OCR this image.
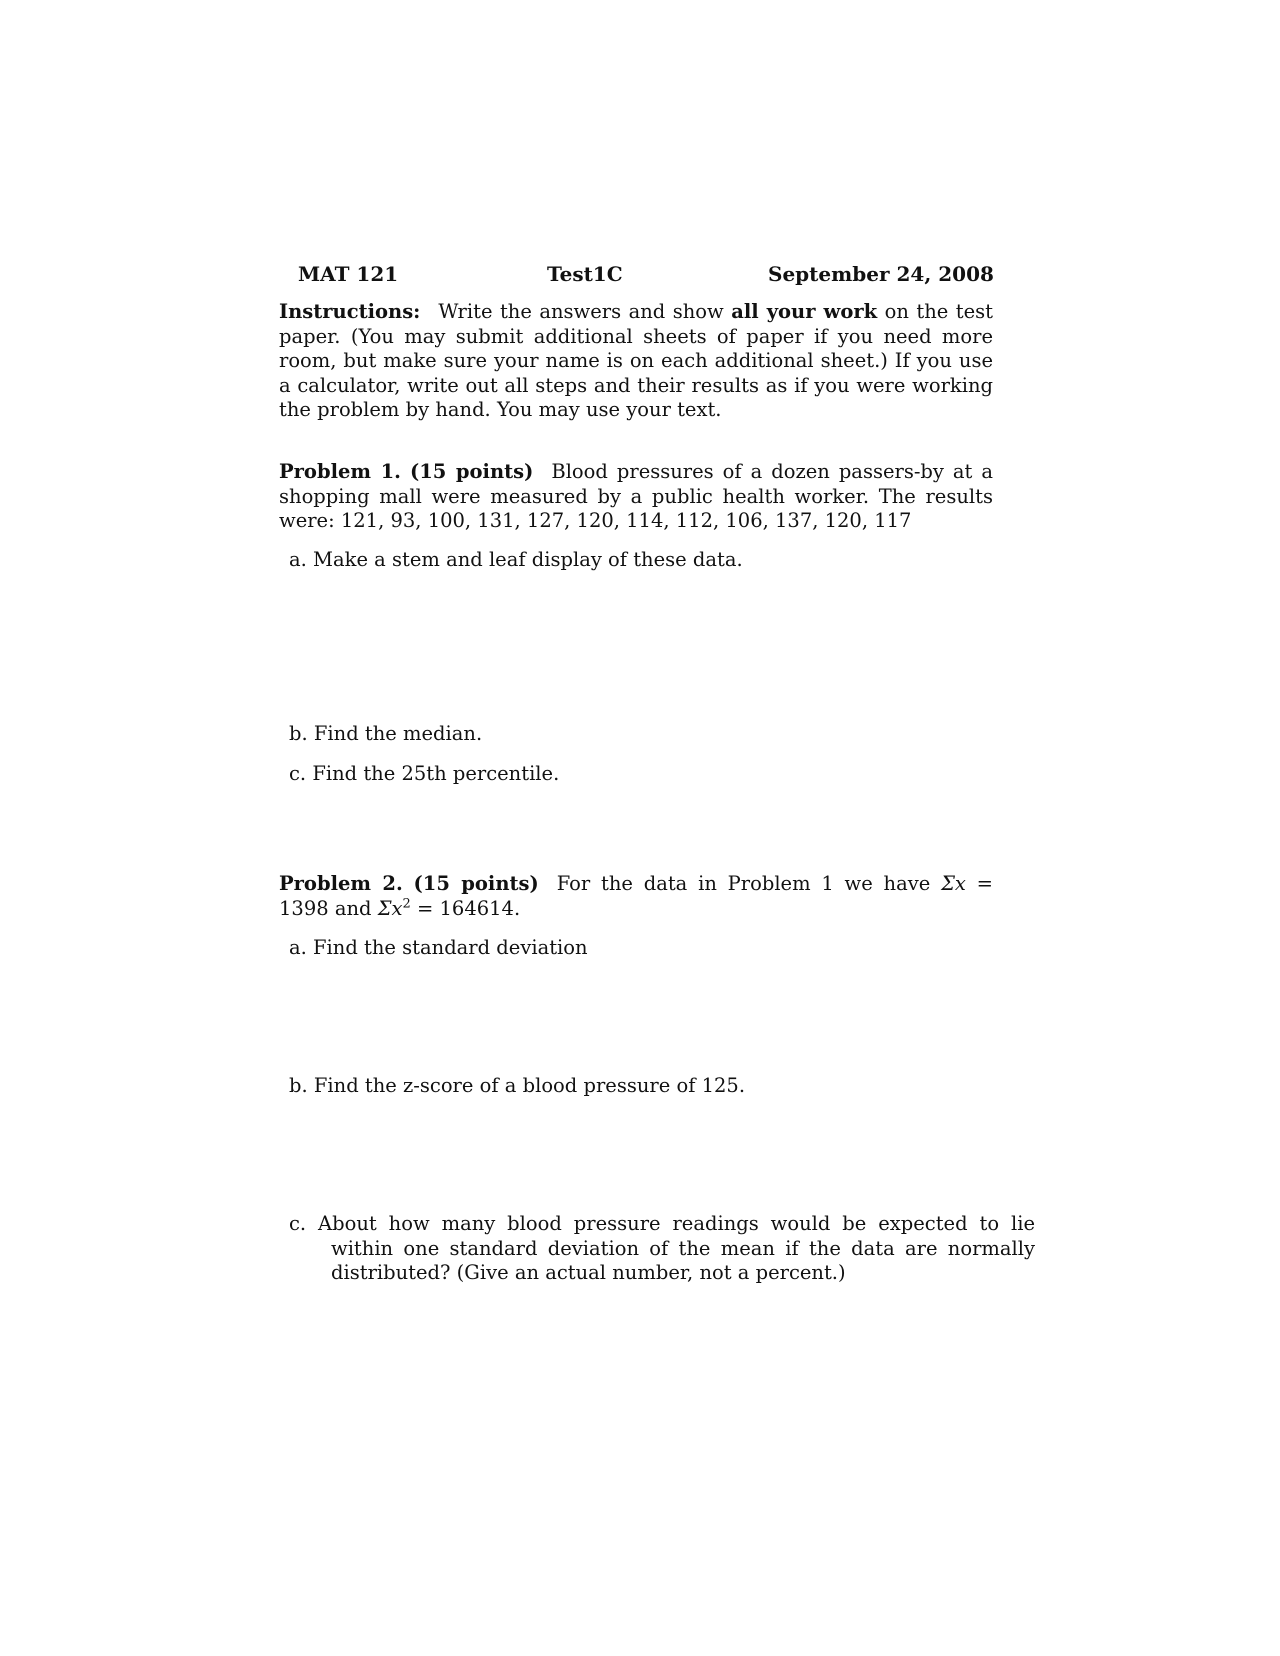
MAT 121	Test1C	September 24, 2008
Instructions: Write the answers and show all your work on the test paper. (You may submit additional sheets of paper if you need more room, but make sure your name is on each additional sheet.) If you use a calculator, write out all steps and their results as if you were working the problem by hand. You may use your text.
Problem 1. (15 points) Blood pressures of a dozen passers-by at a shopping mall were measured by a public health worker. The results were: 121, 93, 100, 131, 127, 120, 114, 112, 106, 137, 120, 117
a. Make a stem and leaf display of these data.
b. Find the median.
c. Find the 25th percentile.
Problem 2. (15 points) For the data in Problem 1 we have Σx = 1398 and $\Sigma x^2 = 164614$.
a. Find the standard deviation
b. Find the z-score of a blood pressure of 125.
c. About how many blood pressure readings would be expected to lie within one standard deviation of the mean if the data are normally distributed? (Give an actual number, not a percent.)
